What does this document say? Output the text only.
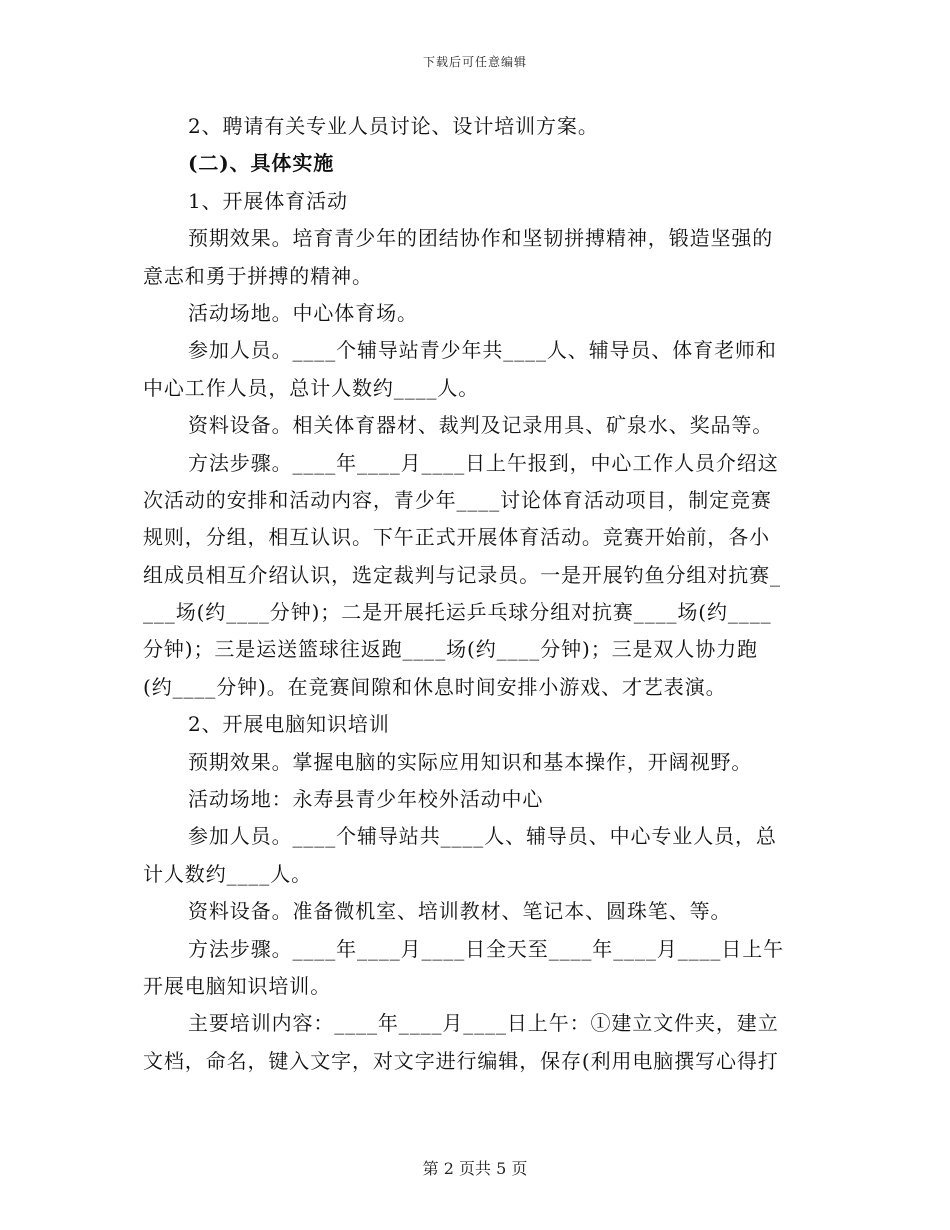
下载后可任意编辑
2、聘请有关专业人员讨论、设计培训方案。
(二)、具体实施
1、开展体育活动
预期效果。培育青少年的团结协作和坚韧拼搏精神，锻造坚强的
意志和勇于拼搏的精神。
活动场地。中心体育场。
参加人员。____个辅导站青少年共____人、辅导员、体育老师和
中心工作人员，总计人数约____人。
资料设备。相关体育器材、裁判及记录用具、矿泉水、奖品等。
方法步骤。____年____月____日上午报到，中心工作人员介绍这
次活动的安排和活动内容，青少年____讨论体育活动项目，制定竞赛
规则，分组，相互认识。下午正式开展体育活动。竞赛开始前，各小
组成员相互介绍认识，选定裁判与记录员。一是开展钓鱼分组对抗赛_
___场(约____分钟)；二是开展托运乒乓球分组对抗赛____场(约____
分钟)；三是运送篮球往返跑____场(约____分钟)；三是双人协力跑
(约____分钟)。在竞赛间隙和休息时间安排小游戏、才艺表演。
2、开展电脑知识培训
预期效果。掌握电脑的实际应用知识和基本操作，开阔视野。
活动场地：永寿县青少年校外活动中心
参加人员。____个辅导站共____人、辅导员、中心专业人员，总
计人数约____人。
资料设备。准备微机室、培训教材、笔记本、圆珠笔、等。
方法步骤。____年____月____日全天至____年____月____日上午
开展电脑知识培训。
主要培训内容：____年____月____日上午：①建立文件夹，建立
文档，命名，键入文字，对文字进行编辑，保存(利用电脑撰写心得打
第 2 页共 5 页
